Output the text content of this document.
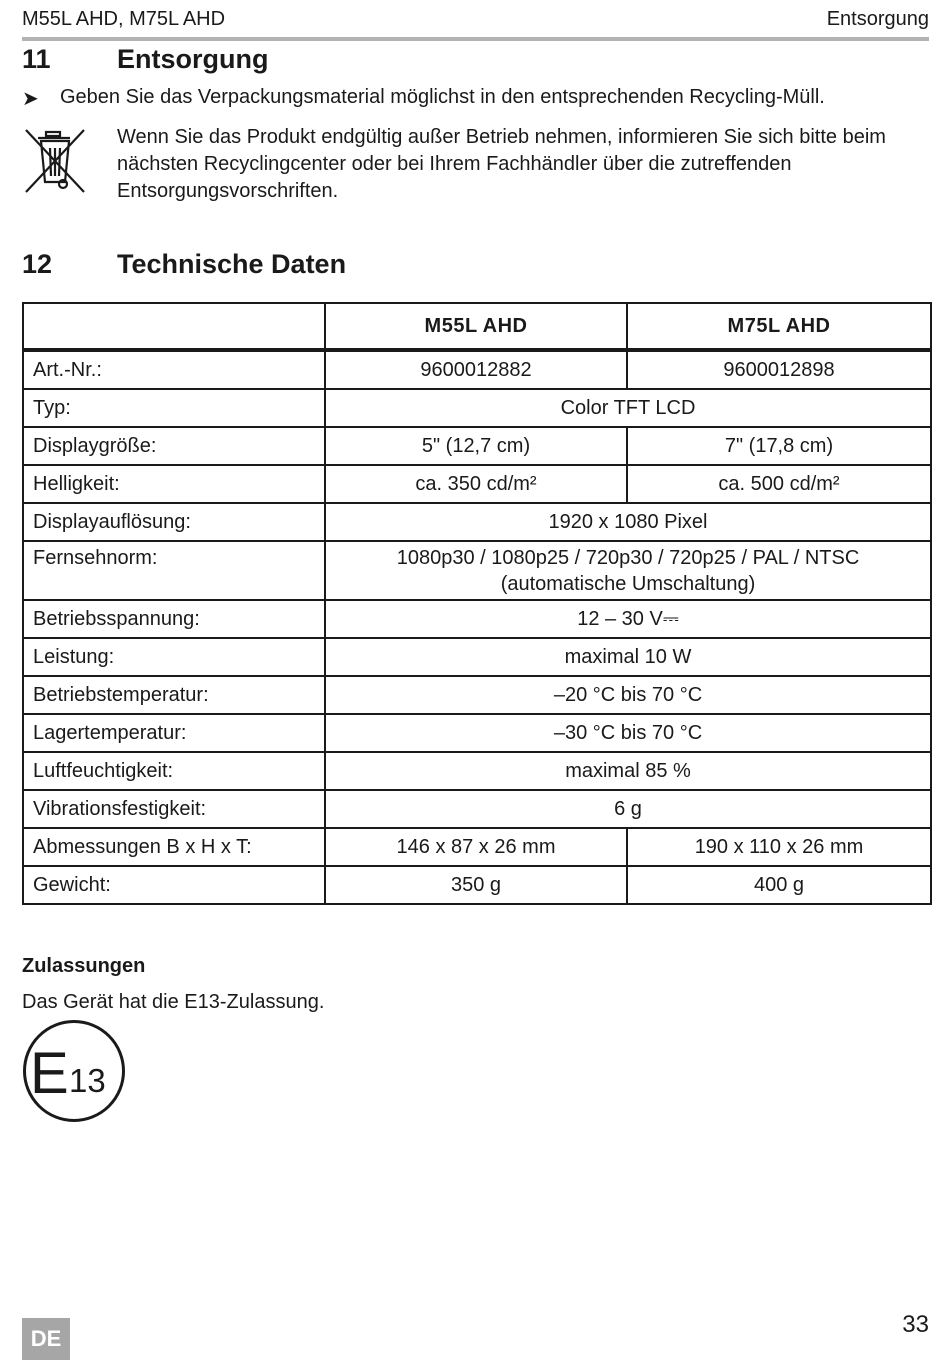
M55L AHD, M75L AHD	Entsorgung
11 Entsorgung
➤ Geben Sie das Verpackungsmaterial möglichst in den entsprechenden Recycling-Müll.
Wenn Sie das Produkt endgültig außer Betrieb nehmen, informieren Sie sich bitte beim
nächsten Recyclingcenter oder bei Ihrem Fachhändler über die zutreffenden
Entsorgungsvorschriften.
12 Technische Daten
	M55L AHD	M75L AHD
Art.-Nr.:	9600012882	9600012898
Typ:	Color TFT LCD	
Displaygröße:	5" (12,7 cm)	7" (17,8 cm)
Helligkeit:	ca. 350 cd/m²	ca. 500 cd/m²
Displayauflösung:	1920 x 1080 Pixel	
Fernsehnorm:	1080p30 / 1080p25 / 720p30 / 720p25 / PAL / NTSC
(automatische Umschaltung)	

Betriebsspannung:	12 – 30 V⎓	
Leistung:	maximal 10 W	
Betriebstemperatur:	–20 °C bis 70 °C	
Lagertemperatur:	–30 °C bis 70 °C	
Luftfeuchtigkeit:	maximal 85 %	
Vibrationsfestigkeit:	6 g	
Abmessungen B x H x T:	146 x 87 x 26 mm	190 x 110 x 26 mm
Gewicht:	350 g	400 g
Zulassungen
Das Gerät hat die E13-Zulassung.
E 13
DE
33
